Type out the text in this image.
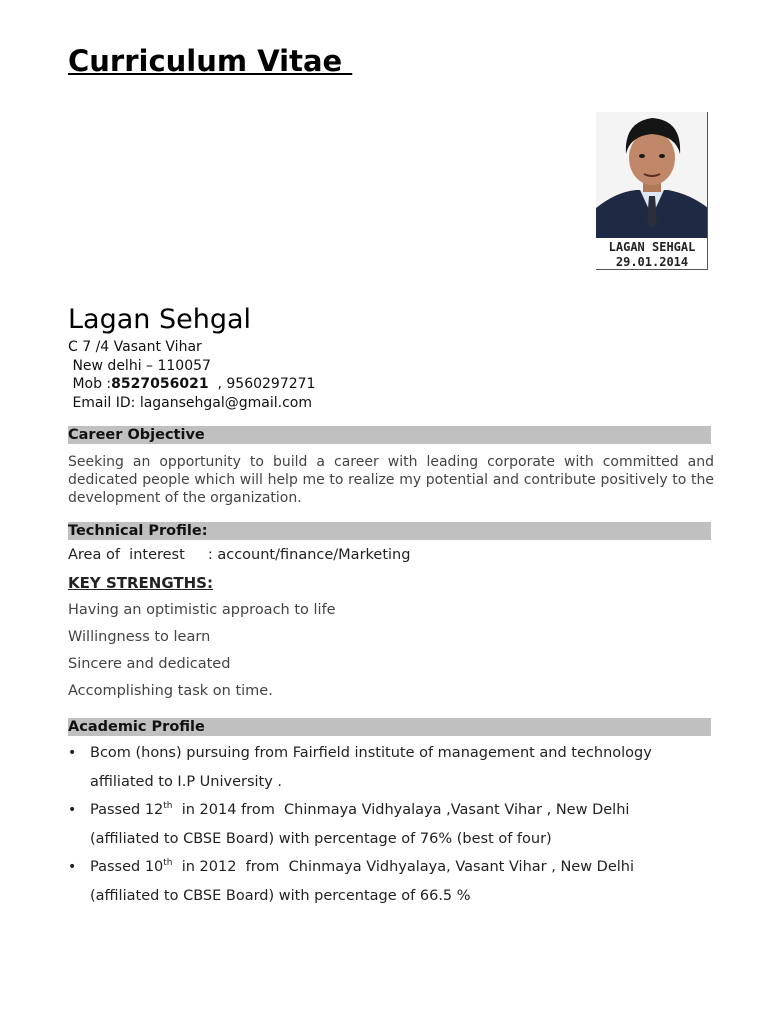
Curriculum Vitae
LAGAN SEHGAL
29.01.2014
Lagan Sehgal
C 7 /4 Vasant Vihar
New delhi – 110057
Mob :8527056021  , 9560297271
Email ID: lagansehgal@gmail.com
Career Objective
Seeking an opportunity to build a career with leading corporate with committed and dedicated people which will help me to realize my potential and contribute positively to the development of the organization.
Technical Profile:
Area of  interest     : account/finance/Marketing
KEY STRENGTHS:
Having an optimistic approach to life
Willingness to learn
Sincere and dedicated
Accomplishing task on time.
Academic Profile
• Bcom (hons) pursuing from Fairfield institute of management and technology
affiliated to I.P University .
• Passed 12th  in 2014 from  Chinmaya Vidhyalaya ,Vasant Vihar , New Delhi
(affiliated to CBSE Board) with percentage of 76% (best of four)
• Passed 10th  in 2012  from  Chinmaya Vidhyalaya, Vasant Vihar , New Delhi
(affiliated to CBSE Board) with percentage of 66.5 %
